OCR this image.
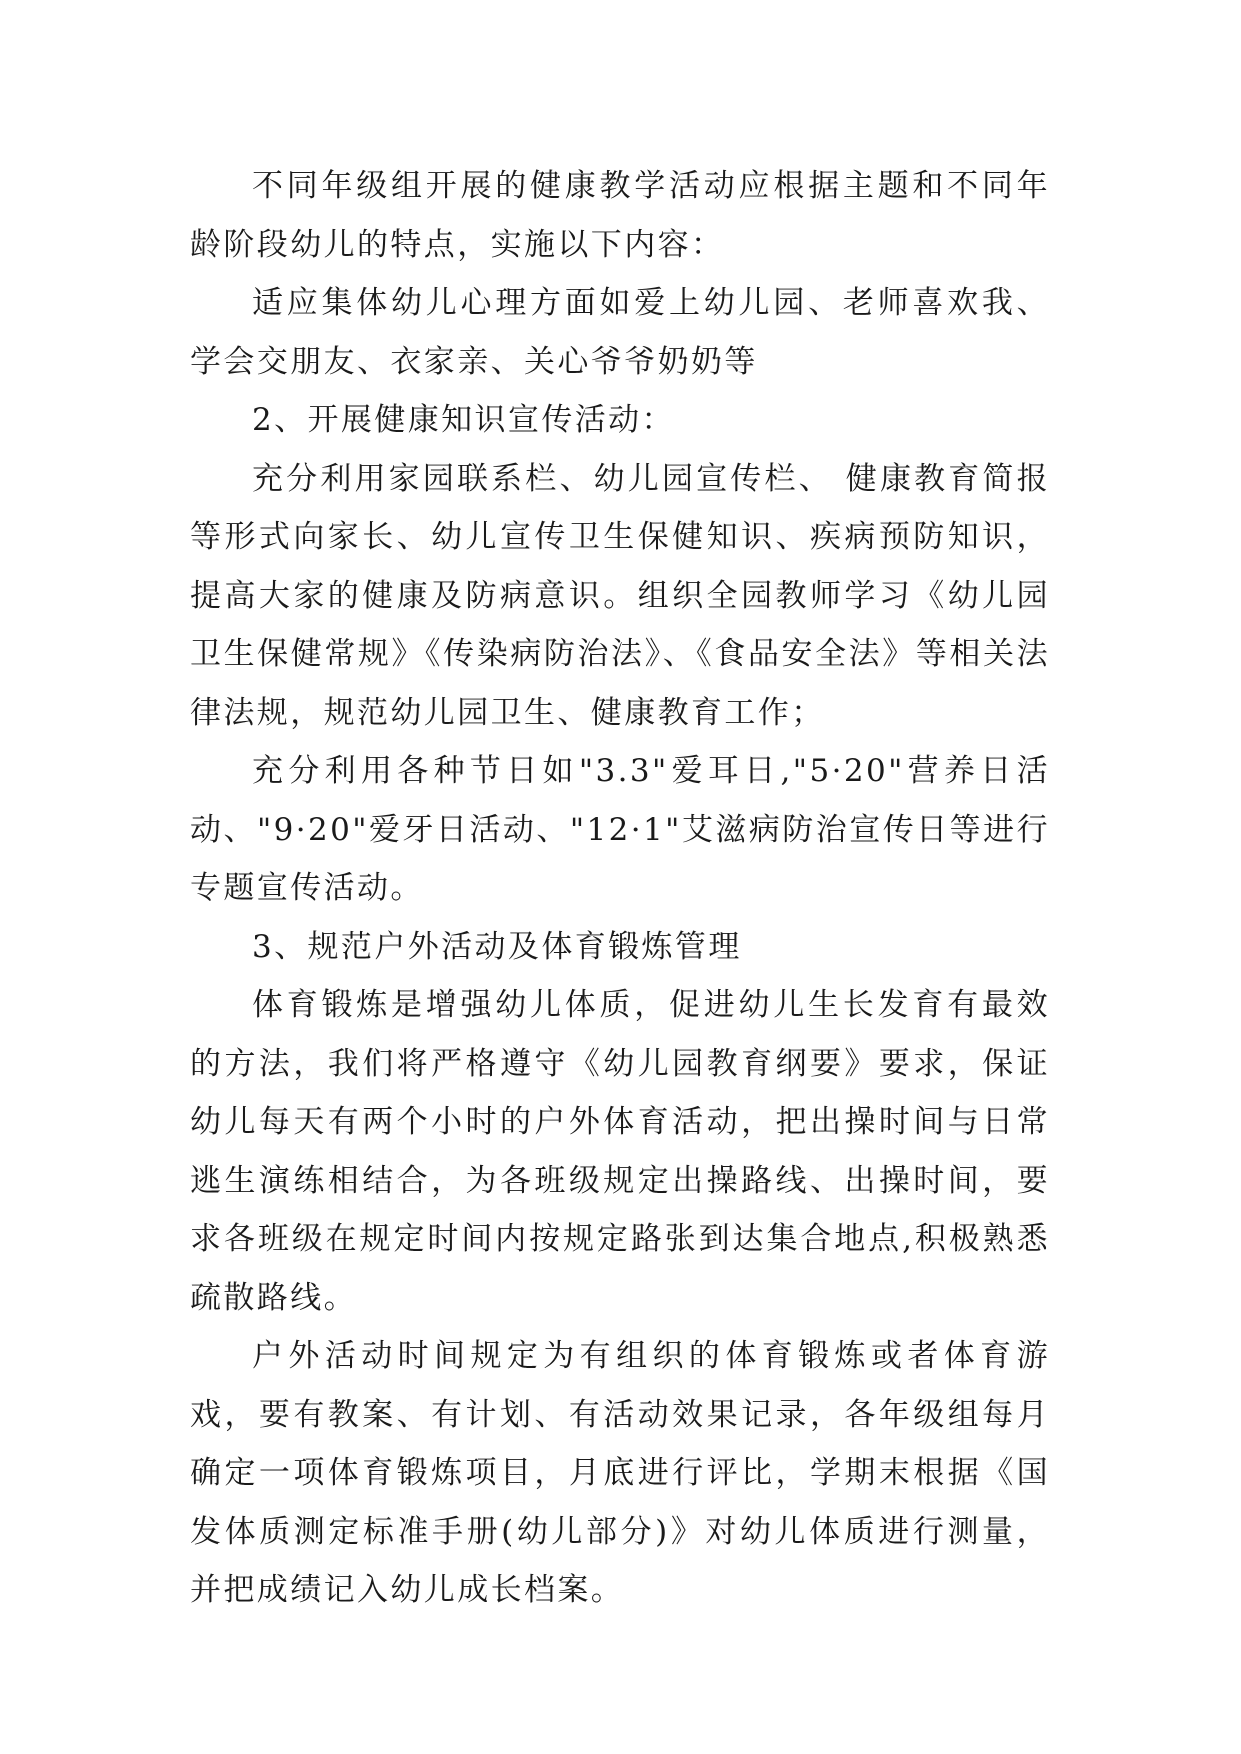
不同年级组开展的健康教学活动应根据主题和不同年龄阶段幼儿的特点，实施以下内容：

适应集体幼儿心理方面如爱上幼儿园、老师喜欢我、学会交朋友、衣家亲、关心爷爷奶奶等

2、开展健康知识宣传活动：

充分利用家园联系栏、幼儿园宣传栏、 健康教育简报等形式向家长、幼儿宣传卫生保健知识、疾病预防知识，提高大家的健康及防病意识。组织全园教师学习《幼儿园卫生保健常规》《传染病防治法》、《食品安全法》等相关法律法规，规范幼儿园卫生、健康教育工作；

充分利用各种节日如"3.3"爱耳日,"5·20"营养日活动、"9·20"爱牙日活动、"12·1"艾滋病防治宣传日等进行专题宣传活动。

3、规范户外活动及体育锻炼管理

体育锻炼是增强幼儿体质，促进幼儿生长发育有最效的方法，我们将严格遵守《幼儿园教育纲要》要求，保证幼儿每天有两个小时的户外体育活动，把出操时间与日常逃生演练相结合，为各班级规定出操路线、出操时间，要求各班级在规定时间内按规定路张到达集合地点,积极熟悉疏散路线。

户外活动时间规定为有组织的体育锻炼或者体育游戏，要有教案、有计划、有活动效果记录，各年级组每月确定一项体育锻炼项目，月底进行评比，学期末根据《国发体质测定标准手册(幼儿部分)》对幼儿体质进行测量，并把成绩记入幼儿成长档案。
